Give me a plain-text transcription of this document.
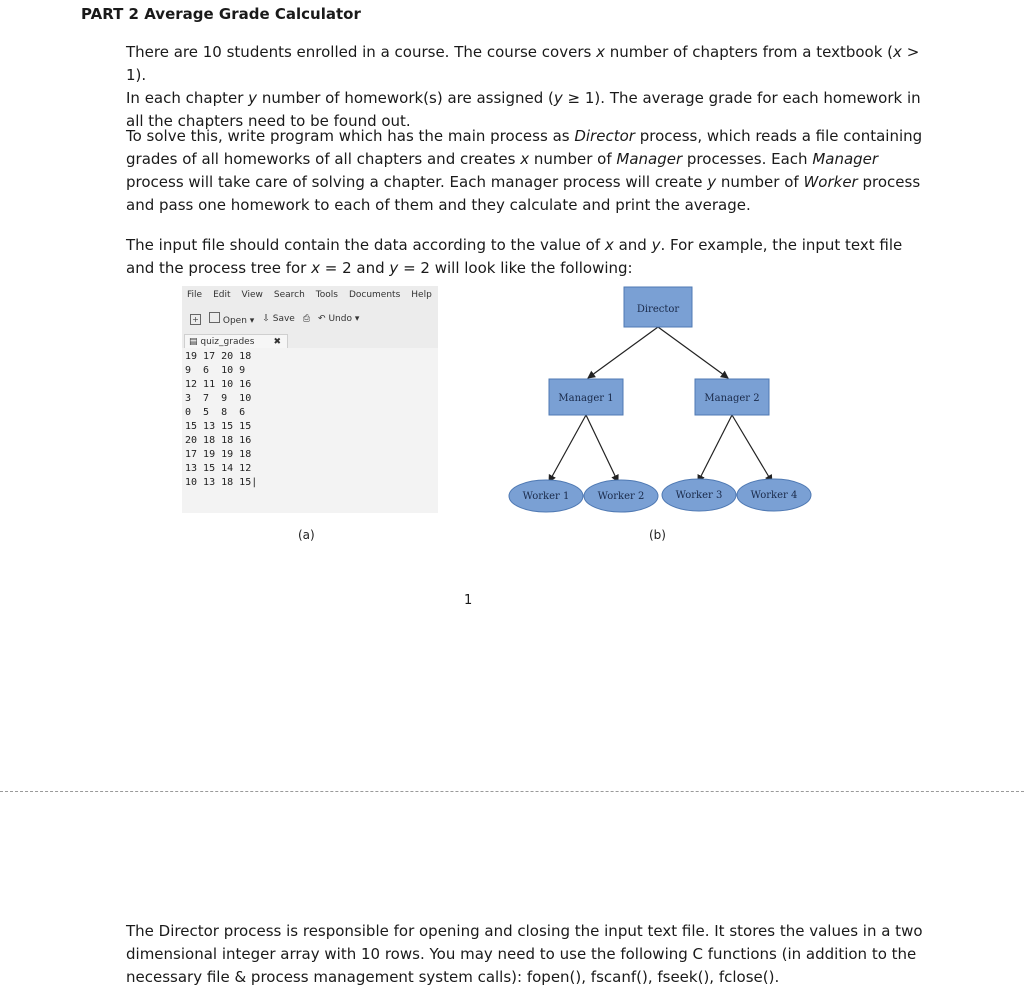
PART 2 Average Grade Calculator
There are 10 students enrolled in a course. The course covers x number of chapters from a textbook (x > 1).
In each chapter y number of homework(s) are assigned (y ≥ 1). The average grade for each homework in all the chapters need to be found out.
To solve this, write program which has the main process as Director process, which reads a file containing grades of all homeworks of all chapters and creates x number of Manager processes. Each Manager process will take care of solving a chapter. Each manager process will create y number of Worker process and pass one homework to each of them and they calculate and print the average.
The input file should contain the data according to the value of x and y. For example, the input text file and the process tree for x = 2 and y = 2 will look like the following:
File Edit View Search Tools Documents Help
+	Open ▾ ⇩ Save ⎙ ↶ Undo ▾
▤ quiz_grades ✖
19 17 20 18
9  6  10 9
12 11 10 16
3  7  9  10
0  5  8  6
15 13 15 15
20 18 18 16
17 19 19 18
13 15 14 12
10 13 18 15|
Director
Manager 1	Manager 2
Worker 1	Worker 2	Worker 3	Worker 4
(a)	(b)
1
The Director process is responsible for opening and closing the input text file. It stores the values in a two dimensional integer array with 10 rows. You may need to use the following C functions (in addition to the necessary file & process management system calls): fopen(), fscanf(), fseek(), fclose().
